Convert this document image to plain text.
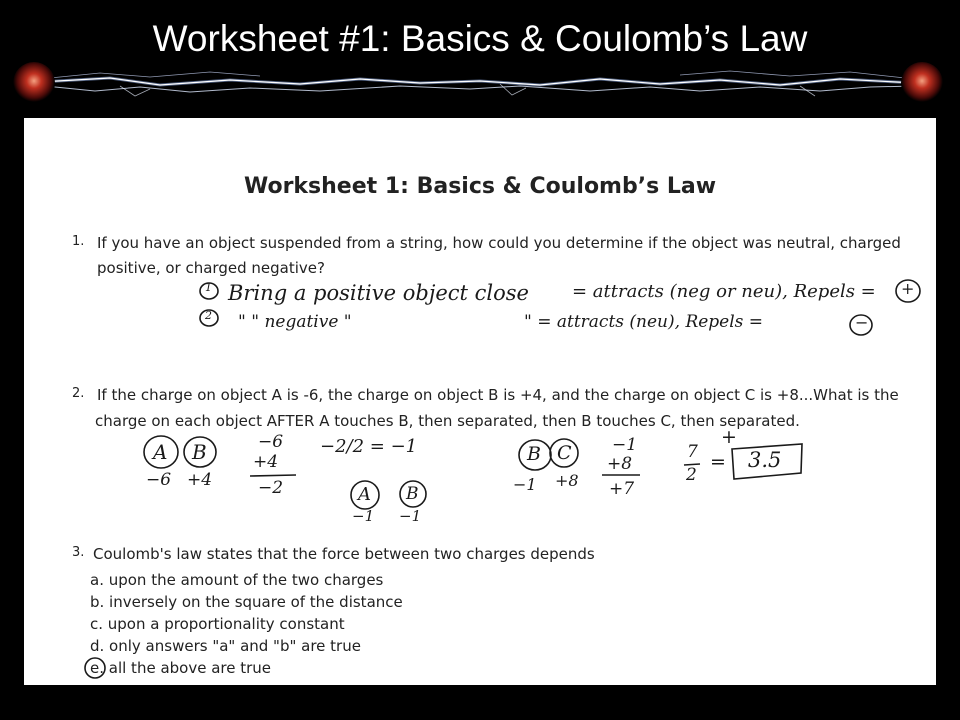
Worksheet #1: Basics & Coulomb’s Law
Worksheet 1: Basics & Coulomb’s Law
1. If you have an object suspended from a string, how could you determine if the object was neutral, charged
positive, or charged negative?
2. If the charge on object A is -6, the charge on object B is +4, and the charge on object C is +8...What is the
charge on each object AFTER A touches B, then separated, then B touches C, then separated.
3. Coulomb's law states that the force between two charges depends
a. upon the amount of the two charges
b. inversely on the square of the distance
c. upon a proportionality constant
d. only answers "a" and "b" are true
e. all the above are true
1 Bring a positive object close = attracts (neg or neu), Repels = +
2 " " negative "	" = attracts (neu), Repels =	−
A B
−6 +4
−6
+4
−2
−2/2 = −1
A B
−1 −1
B C
−1 +8
−1
+8
+7
7
2
=
+
3.5
